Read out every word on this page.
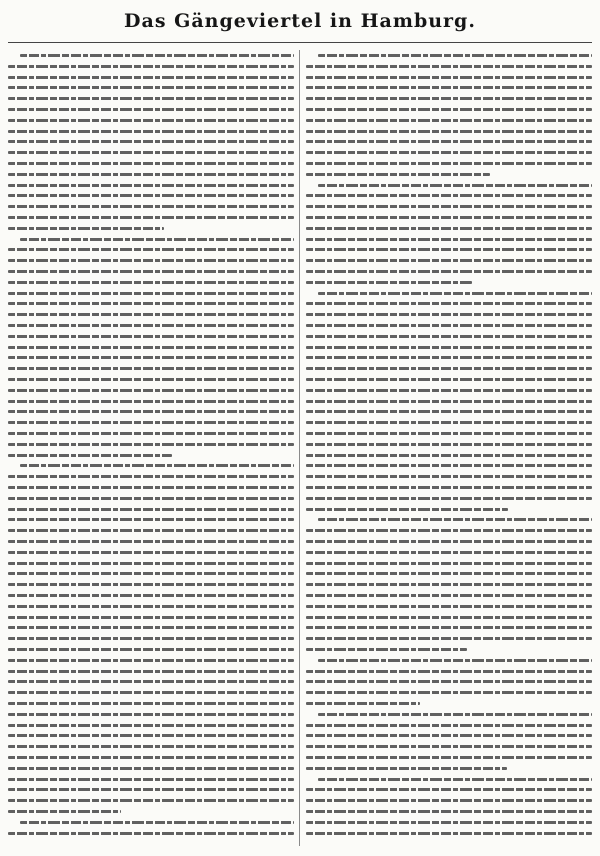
Das Gängeviertel in Hamburg.
